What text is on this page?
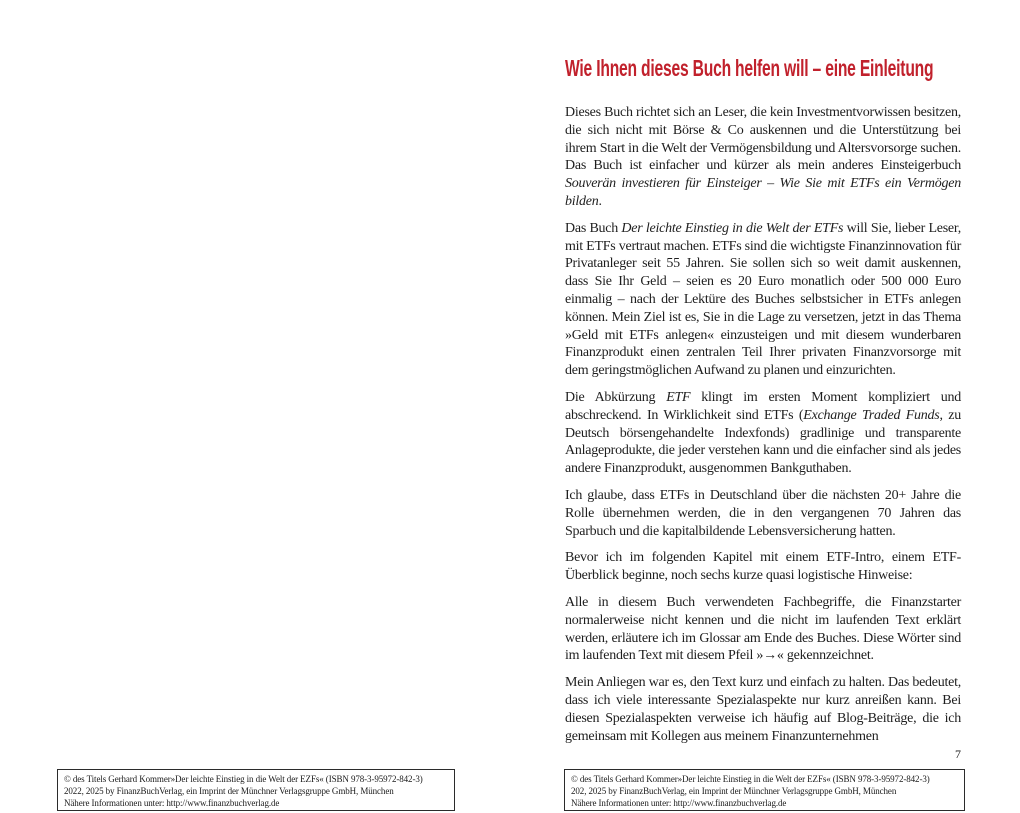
© des Titels Gerhard Kommer»Der leichte Einstieg in die Welt der EZFs« (ISBN 978-3-95972-842-3)
2022, 2025 by FinanzBuchVerlag, ein Imprint der Münchner Verlagsgruppe GmbH, München
Nähere Informationen unter: http://www.finanzbuchverlag.de
Wie Ihnen dieses Buch helfen will – eine Einleitung

Dieses Buch richtet sich an Leser, die kein Investmentvorwissen besitzen, die sich nicht mit Börse & Co auskennen und die Unterstützung bei ihrem Start in die Welt der Vermögensbildung und Altersvorsorge suchen. Das Buch ist einfacher und kürzer als mein anderes Einsteigerbuch Souverän investieren für Einsteiger – Wie Sie mit ETFs ein Vermögen bilden.

Das Buch Der leichte Einstieg in die Welt der ETFs will Sie, lieber Leser, mit ETFs vertraut machen. ETFs sind die wichtigste Finanzinnovation für Privatanleger seit 55 Jahren. Sie sollen sich so weit damit auskennen, dass Sie Ihr Geld – seien es 20 Euro monatlich oder 500 000 Euro einmalig – nach der Lektüre des Buches selbstsicher in ETFs anlegen können. Mein Ziel ist es, Sie in die Lage zu versetzen, jetzt in das Thema »Geld mit ETFs anlegen« einzusteigen und mit diesem wunderbaren Finanzprodukt einen zentralen Teil Ihrer privaten Finanzvorsorge mit dem geringstmöglichen Aufwand zu planen und einzurichten.

Die Abkürzung ETF klingt im ersten Moment kompliziert und abschreckend. In Wirklichkeit sind ETFs (Exchange Traded Funds, zu Deutsch börsengehandelte Indexfonds) gradlinige und transparente Anlageprodukte, die jeder verstehen kann und die einfacher sind als jedes andere Finanzprodukt, ausgenommen Bankguthaben.

Ich glaube, dass ETFs in Deutschland über die nächsten 20+ Jahre die Rolle übernehmen werden, die in den vergangenen 70 Jahren das Sparbuch und die kapitalbildende Lebensversicherung hatten.

Bevor ich im folgenden Kapitel mit einem ETF-Intro, einem ETF-Überblick beginne, noch sechs kurze quasi logistische Hinweise:

Alle in diesem Buch verwendeten Fachbegriffe, die Finanzstarter normalerweise nicht kennen und die nicht im laufenden Text erklärt werden, erläutere ich im Glossar am Ende des Buches. Diese Wörter sind im laufenden Text mit diesem Pfeil »→« gekennzeichnet.

Mein Anliegen war es, den Text kurz und einfach zu halten. Das bedeutet, dass ich viele interessante Spezialaspekte nur kurz anreißen kann. Bei diesen Spezialaspekten verweise ich häufig auf Blog-Beiträge, die ich gemeinsam mit Kollegen aus meinem Finanzunternehmen

7
© des Titels Gerhard Kommer»Der leichte Einstieg in die Welt der EZFs« (ISBN 978-3-95972-842-3)
202, 2025 by FinanzBuchVerlag, ein Imprint der Münchner Verlagsgruppe GmbH, München
Nähere Informationen unter: http://www.finanzbuchverlag.de
